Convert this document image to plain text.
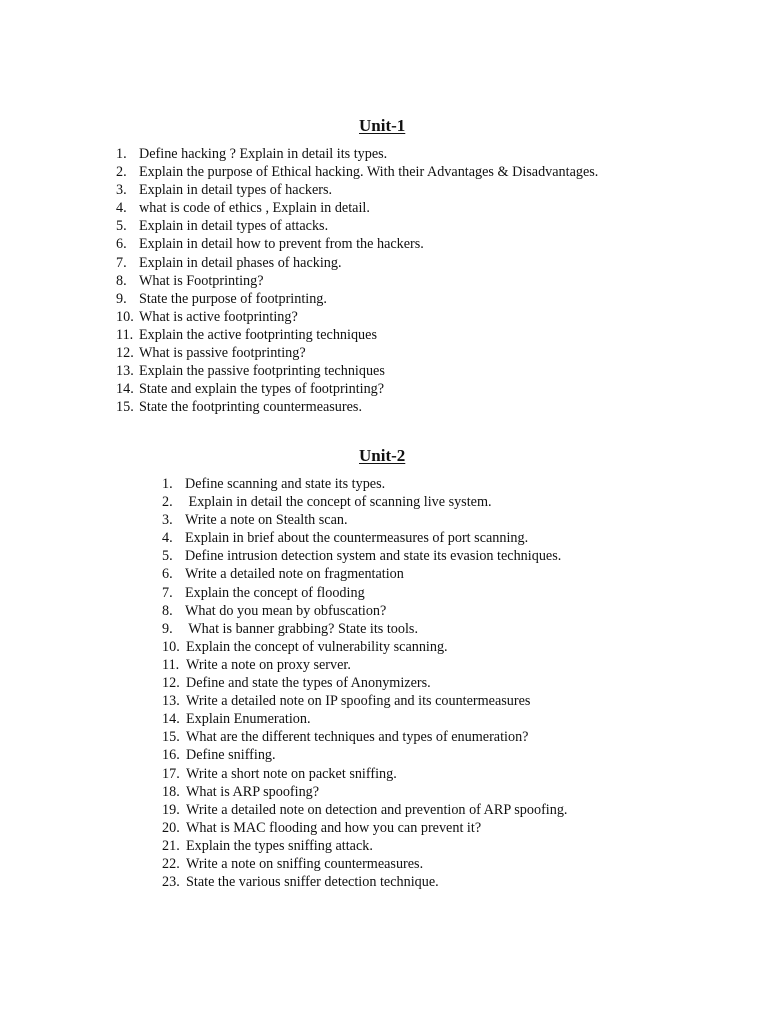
Unit-1
1. Define hacking ? Explain in detail its types.
2. Explain the purpose of Ethical hacking. With their Advantages & Disadvantages.
3. Explain in detail types of hackers.
4. what is code of ethics , Explain in detail.
5. Explain in detail types of attacks.
6. Explain in detail how to prevent from the hackers.
7. Explain in detail phases of hacking.
8. What is Footprinting?
9. State the purpose of footprinting.
10. What is active footprinting?
11. Explain the active footprinting techniques
12. What is passive footprinting?
13. Explain the passive footprinting techniques
14. State and explain the types of footprinting?
15. State the footprinting countermeasures.
Unit-2
1. Define scanning and state its types.
2. Explain in detail the concept of scanning live system.
3. Write a note on Stealth scan.
4. Explain in brief about the countermeasures of port scanning.
5. Define intrusion detection system and state its evasion techniques.
6. Write a detailed note on fragmentation
7. Explain the concept of flooding
8. What do you mean by obfuscation?
9. What is banner grabbing? State its tools.
10. Explain the concept of vulnerability scanning.
11. Write a note on proxy server.
12. Define and state the types of Anonymizers.
13. Write a detailed note on IP spoofing and its countermeasures
14. Explain Enumeration.
15. What are the different techniques and types of enumeration?
16. Define sniffing.
17. Write a short note on packet sniffing.
18. What is ARP spoofing?
19. Write a detailed note on detection and prevention of ARP spoofing.
20. What is MAC flooding and how you can prevent it?
21. Explain the types sniffing attack.
22. Write a note on sniffing countermeasures.
23. State the various sniffer detection technique.
